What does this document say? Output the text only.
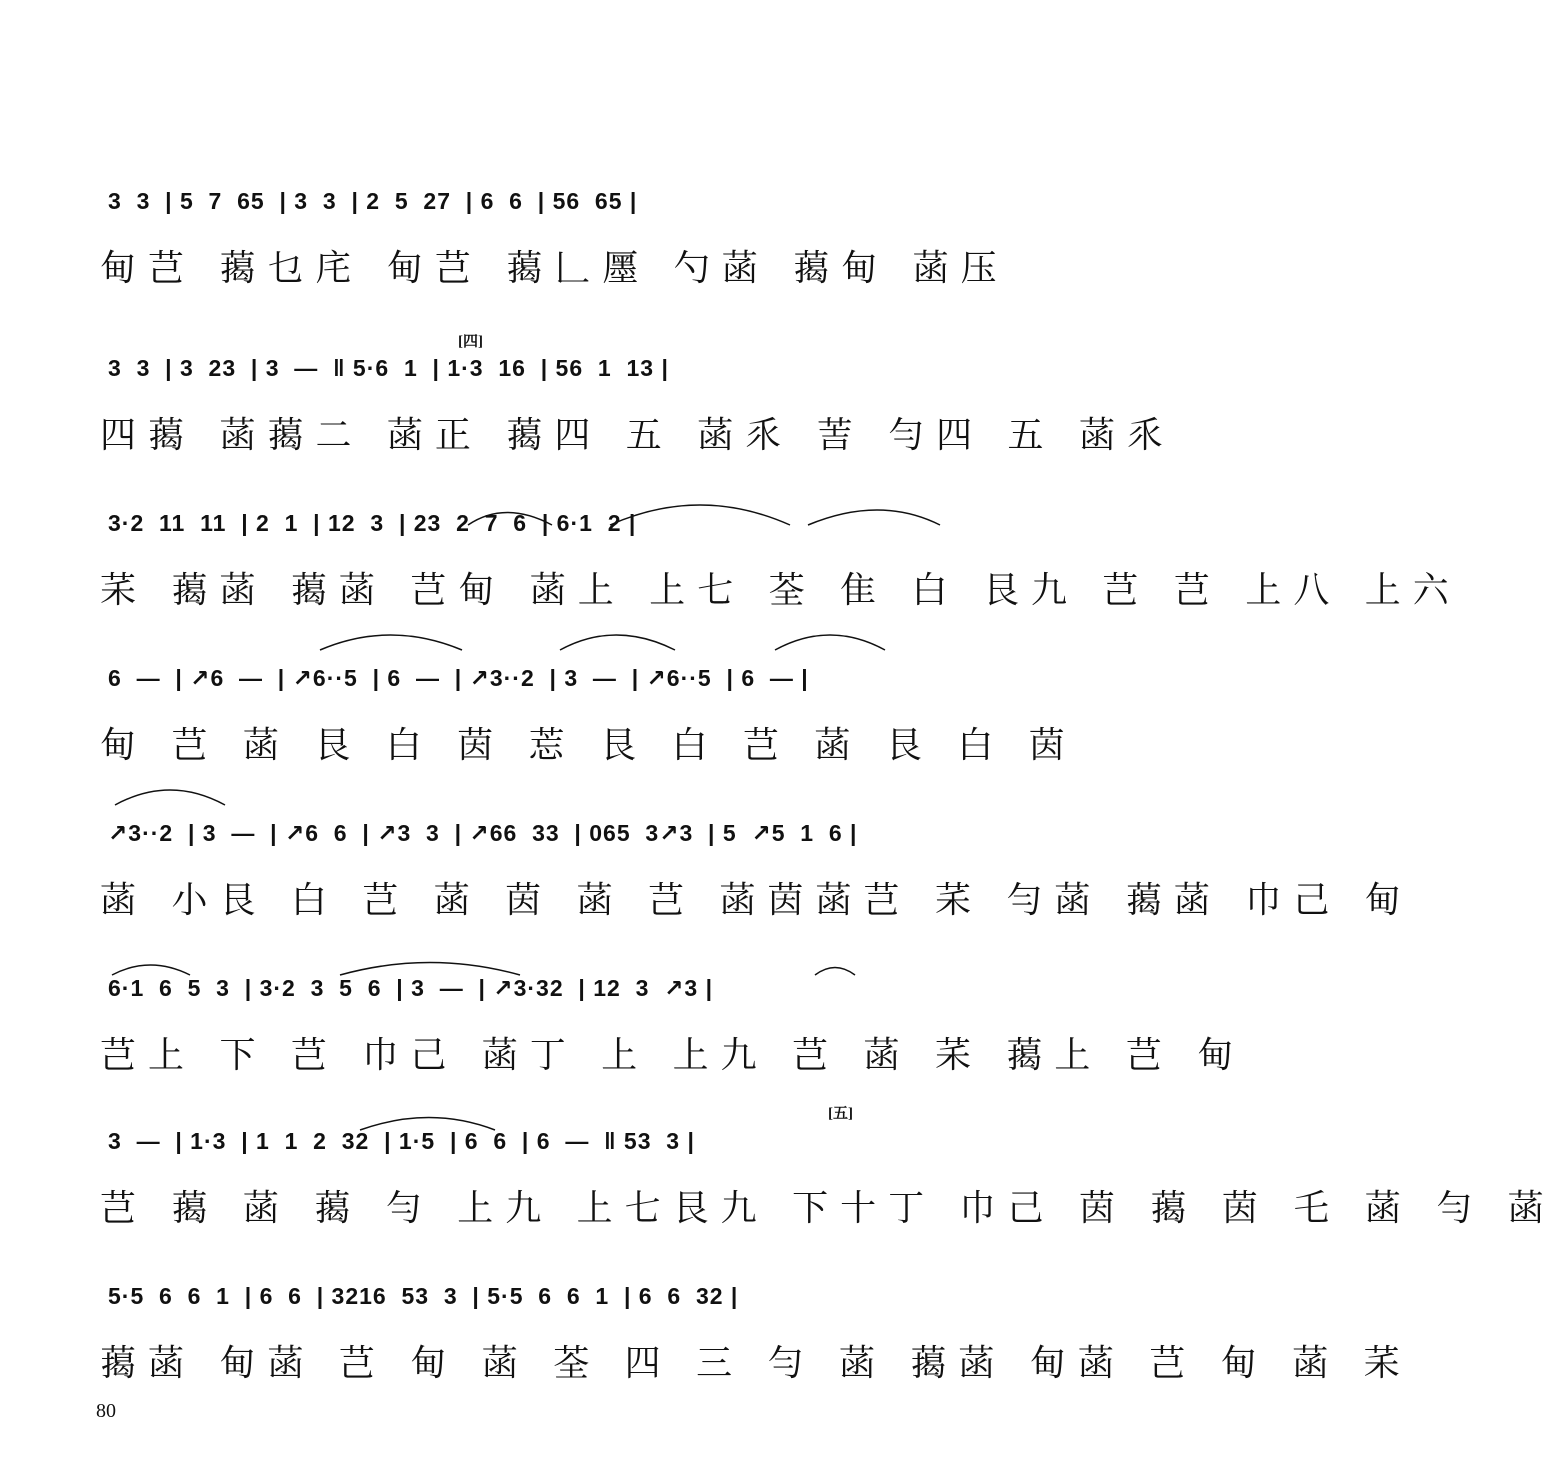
3  3  | 5  7  65  | 3  3  | 2  5  27  | 6  6  | 56  65 |
甸芑 䔾乜㡯 甸芑 䔾𠃊㕓 勺菡 䔾甸 菡压
[四]
3  3  | 3  23  | 3  —  ‖ 5·6  1  | 1·3  16  | 56  1  13 |
四䔾 菡䔾二 菡正 䔾四 五 菡乑 䓀 勻四 五 菡乑
3·2  11  11  | 2  1  | 12  3  | 23  2  7  6  | 6·1  2 |
䒩 䔾菡 䔾菡 芑甸 菡上 上七 荃 隹 白 艮九 芑 芑 上八 上六
6  —  | ↗6  —  | ↗6··5  | 6  —  | ↗3··2  | 3  —  | ↗6··5  | 6  — |
甸 芑 菡 艮 白 茵 莣 艮 白 芑 菡 艮 白 茵
↗3··2  | 3  —  | ↗6  6  | ↗3  3  | ↗66  33  | 065  3↗3  | 5  ↗5  1  6 |
菡 小艮 白 芑 菡 茵 菡 芑 菡茵菡芑 䒩 勻菡 䔾菡 巾己 甸
6·1  6  5  3  | 3·2  3  5  6  | 3  —  | ↗3·32  | 12  3  ↗3 |
芑上 下 芑 巾己 菡丁 上 上九 芑 菡 䒩 䔾上 芑 甸
[五]
3  —  | 1·3  | 1  1  2  32  | 1·5  | 6  6  | 6  —  ‖ 53  3 |
芑 䔾 菡 䔾 勻 上九 上七艮九 下十丁 巾己 茵 䔾 茵 乇 菡 勻 菡
5·5  6  6  1  | 6  6  | 3216  53  3  | 5·5  6  6  1  | 6  6  32 |
䔾菡 甸菡 芑 甸 菡 荃 四 三 勻 菡 䔾菡 甸菡 芑 甸 菡 䒩
80
